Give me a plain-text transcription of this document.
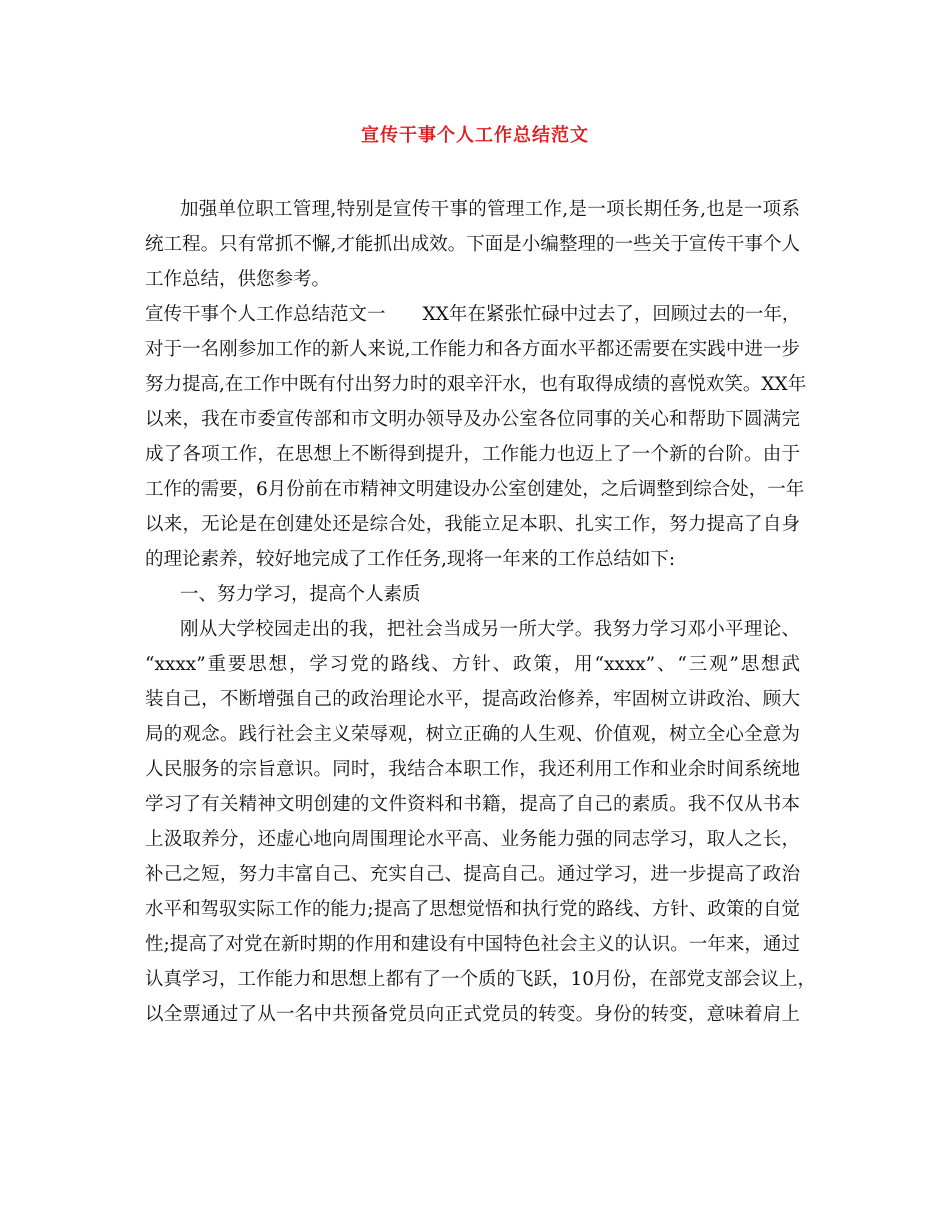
宣传干事个人工作总结范文
加强单位职工管理,特别是宣传干事的管理工作,是一项长期任务,也是一项系
统工程。只有常抓不懈,才能抓出成效。下面是小编整理的一些关于宣传干事个人
工作总结，供您参考。
宣传干事个人工作总结范文一　　XX年在紧张忙碌中过去了，回顾过去的一年，
对于一名刚参加工作的新人来说,工作能力和各方面水平都还需要在实践中进一步
努力提高,在工作中既有付出努力时的艰辛汗水，也有取得成绩的喜悦欢笑。XX年
以来，我在市委宣传部和市文明办领导及办公室各位同事的关心和帮助下圆满完
成了各项工作，在思想上不断得到提升，工作能力也迈上了一个新的台阶。由于
工作的需要，6月份前在市精神文明建设办公室创建处，之后调整到综合处，一年
以来，无论是在创建处还是综合处，我能立足本职、扎实工作，努力提高了自身
的理论素养，较好地完成了工作任务,现将一年来的工作总结如下:
一、努力学习，提高个人素质
刚从大学校园走出的我，把社会当成另一所大学。我努力学习邓小平理论、
“xxxx”重要思想，学习党的路线、方针、政策，用“xxxx”、“三观”思想武
装自己，不断增强自己的政治理论水平，提高政治修养，牢固树立讲政治、顾大
局的观念。践行社会主义荣辱观，树立正确的人生观、价值观，树立全心全意为
人民服务的宗旨意识。同时，我结合本职工作，我还利用工作和业余时间系统地
学习了有关精神文明创建的文件资料和书籍，提高了自己的素质。我不仅从书本
上汲取养分，还虚心地向周围理论水平高、业务能力强的同志学习，取人之长，
补己之短，努力丰富自己、充实自己、提高自己。通过学习，进一步提高了政治
水平和驾驭实际工作的能力;提高了思想觉悟和执行党的路线、方针、政策的自觉
性;提高了对党在新时期的作用和建设有中国特色社会主义的认识。一年来，通过
认真学习，工作能力和思想上都有了一个质的飞跃，10月份，在部党支部会议上，
以全票通过了从一名中共预备党员向正式党员的转变。身份的转变，意味着肩上
